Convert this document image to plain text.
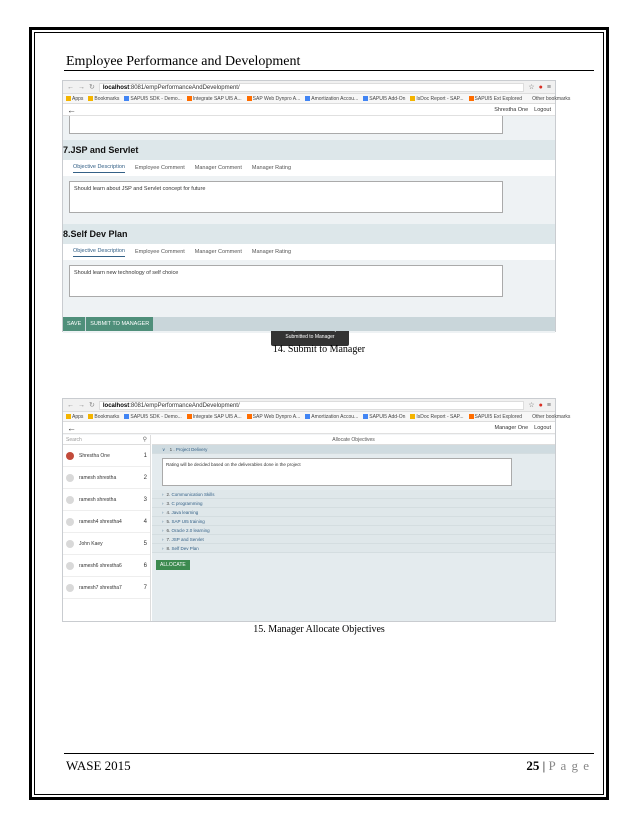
Employee Performance and Development
← → ↻	localhost:8081/empPerformanceAndDevelopment/	☆ ● ≡
Apps	Bookmarks	SAPUI5 SDK - Demo...	Integrate SAP UI5 A...	SAP Web Dynpro A...	Amortization Accou...	SAPUI5 Add-On	IsDoc Report - SAP...	SAPUI5 Ext Explored Other bookmarks
←	Shrestha One Logout
7.JSP and Servlet
Objective Description Employee Comment Manager Comment Manager Rating
Should learn about JSP and Servlet concept for future
8.Self Dev Plan
Objective Description Employee Comment Manager Comment Manager Rating
Should learn new technology of self choice
Submitted to Manager
SAVE	SUBMIT TO MANAGER
14. Submit to Manager
← → ↻	localhost:8081/empPerformanceAndDevelopment/	☆ ● ≡
Apps	Bookmarks	SAPUI5 SDK - Demo...	Integrate SAP UI5 A...	SAP Web Dynpro A...	Amortization Accou...	SAPUI5 Add-On	IsDoc Report - SAP...	SAPUI5 Ext Explored Other bookmarks
←	Manager One Logout
Search	⚲
Shrestha One	1
ramesh shrestha	2
ramesh shrestha	3
ramesh4 shrestha4	4
John Kaey	5
ramesh6 shrestha6	6
ramesh7 shrestha7	7
Allocate Objectives
∨ 1 . Project Delivery
Rating will be decided based on the deliverables done in the project
› 2. Communication Skills
› 3. C programming
› 4. Java learning
› 5. SAP UI5 training
› 6. Oracle 2.0 learning
› 7. JSP and Servlet
› 8. Self Dev Plan
ALLOCATE
15. Manager Allocate Objectives
WASE 2015	25 | P a g e
